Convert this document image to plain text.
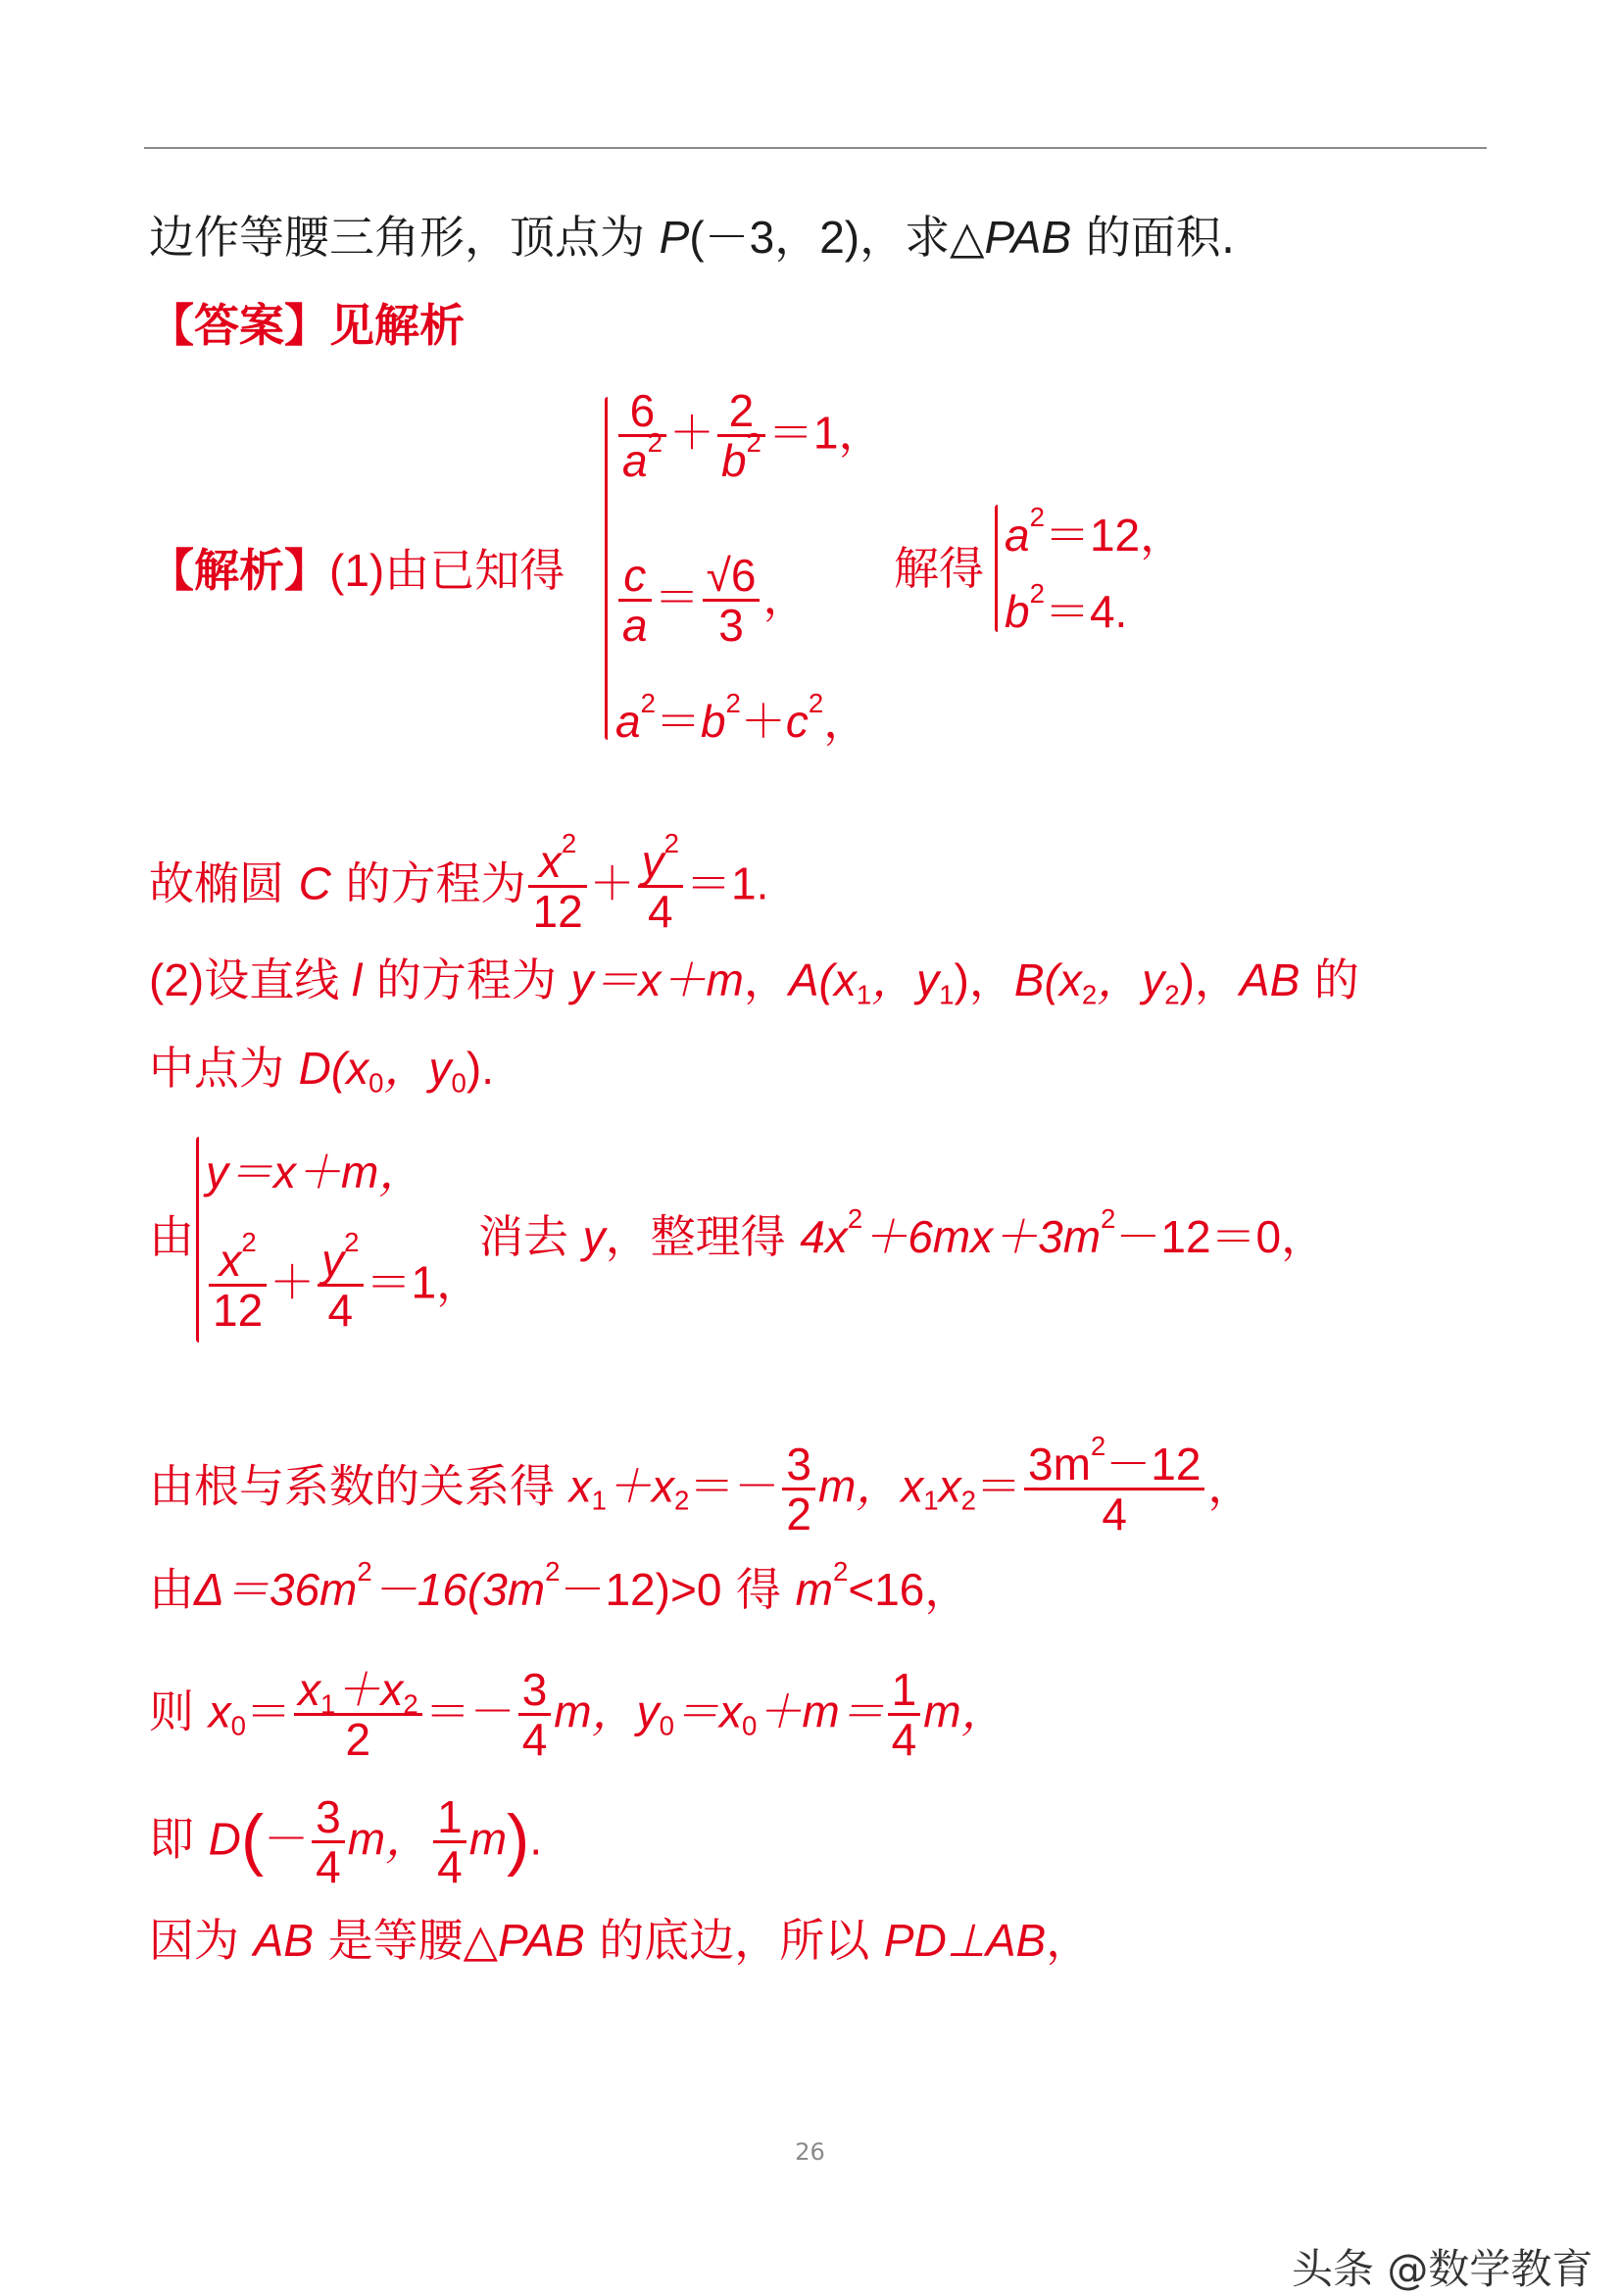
边作等腰三角形，顶点为 P(－3，2)，求△PAB 的面积.
【答案】见解析
【解析】(1)由已知得
$\frac{6}{a^2} + \frac{2}{b^2} =1$，
$\frac{c}{a} = \frac{√6}{3}$ ，
$a^2=b^2+c^2$，
解得
$a^2=12$，
$b^2=4$.
故椭圆 C 的方程为 $\frac{x^2}{12} + \frac{y^2}{4} =1$.
(2)设直线 l 的方程为 y＝x＋m，$A(x_1$，$y_1$)，$B(x_2$，$y_2$)，AB 的
中点为 $D(x_0$，$y_0$).
由
y＝x＋m，
$\frac{x^2}{12} + \frac{y^2}{4} =1$，
消去 y，整理得 $4x^2+6mx+3m^2-12=0$，
由根与系数的关系得 $x_1+x_2=- \frac{3}{2}$ m，$x_1x_2= \frac{3m^2-12}{4}$ ，
由$\Delta=36m^2-16(3m^2-12)>0$ 得 $m^2<16$，
则 $x_0= \frac{x_1+x_2}{2} =- \frac{3}{4}$ m，$y_0=x_0+m= \frac{1}{4}$ m，
即 $D(- \frac{3}{4}$ m， $\frac{1}{4} m$).
因为 AB 是等腰△PAB 的底边，所以 PD⊥AB，
26
头条 @数学教育
